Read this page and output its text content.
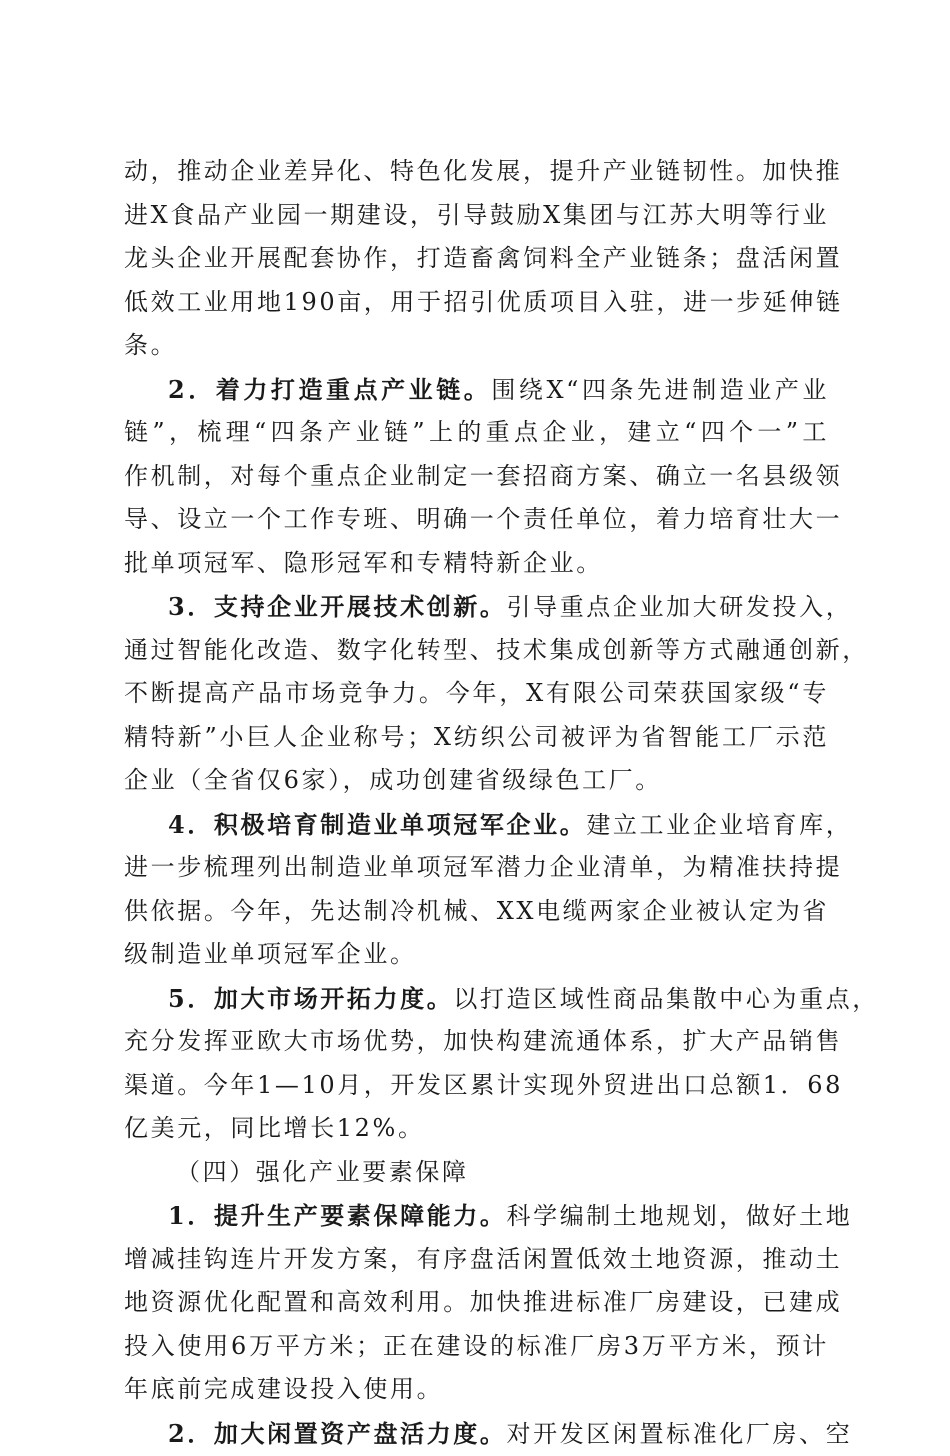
动，推动企业差异化、特色化发展，提升产业链韧性。加快推
进X食品产业园一期建设，引导鼓励X集团与江苏大明等行业
龙头企业开展配套协作，打造畜禽饲料全产业链条；盘活闲置
低效工业用地190亩，用于招引优质项目入驻，进一步延伸链
条。
2．着力打造重点产业链。围绕X“四条先进制造业产业
链”，梳理“四条产业链”上的重点企业，建立“四个一”工
作机制，对每个重点企业制定一套招商方案、确立一名县级领
导、设立一个工作专班、明确一个责任单位，着力培育壮大一
批单项冠军、隐形冠军和专精特新企业。
3．支持企业开展技术创新。引导重点企业加大研发投入，
通过智能化改造、数字化转型、技术集成创新等方式融通创新，
不断提高产品市场竞争力。今年，X有限公司荣获国家级“专
精特新”小巨人企业称号；X纺织公司被评为省智能工厂示范
企业（全省仅6家），成功创建省级绿色工厂。
4．积极培育制造业单项冠军企业。建立工业企业培育库，
进一步梳理列出制造业单项冠军潜力企业清单，为精准扶持提
供依据。今年，先达制冷机械、XX电缆两家企业被认定为省
级制造业单项冠军企业。
5．加大市场开拓力度。以打造区域性商品集散中心为重点，
充分发挥亚欧大市场优势，加快构建流通体系，扩大产品销售
渠道。今年1—10月，开发区累计实现外贸进出口总额1．68
亿美元，同比增长12%。
（四）强化产业要素保障
1．提升生产要素保障能力。科学编制土地规划，做好土地
增减挂钩连片开发方案，有序盘活闲置低效土地资源，推动土
地资源优化配置和高效利用。加快推进标准厂房建设，已建成
投入使用6万平方米；正在建设的标准厂房3万平方米，预计
年底前完成建设投入使用。
2．加大闲置资产盘活力度。对开发区闲置标准化厂房、空
